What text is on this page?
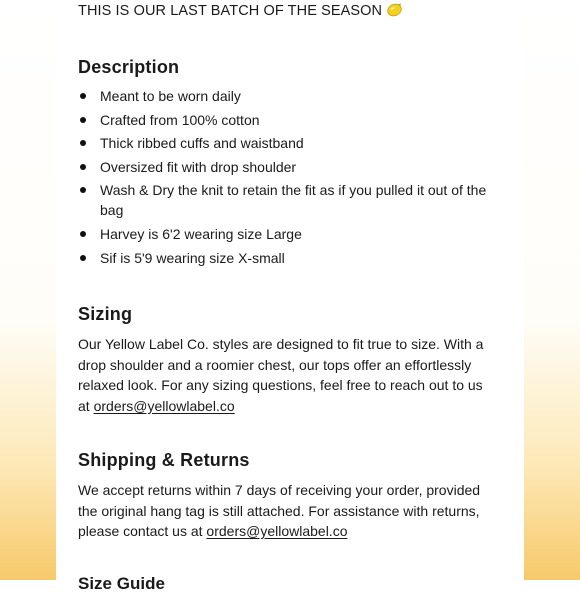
THIS IS OUR LAST BATCH OF THE SEASON
Description
Meant to be worn daily
Crafted from 100% cotton
Thick ribbed cuffs and waistband
Oversized fit with drop shoulder
Wash & Dry the knit to retain the fit as if you pulled it out of the bag
Harvey is 6'2 wearing size Large
Sif is 5'9 wearing size X-small
Sizing

Our Yellow Label Co. styles are designed to fit true to size. With a drop shoulder and a roomier chest, our tops offer an effortlessly relaxed look. For any sizing questions, feel free to reach out to us at orders@yellowlabel.co

Shipping & Returns

We accept returns within 7 days of receiving your order, provided the original hang tag is still attached. For assistance with returns, please contact us at orders@yellowlabel.co

Size Guide
